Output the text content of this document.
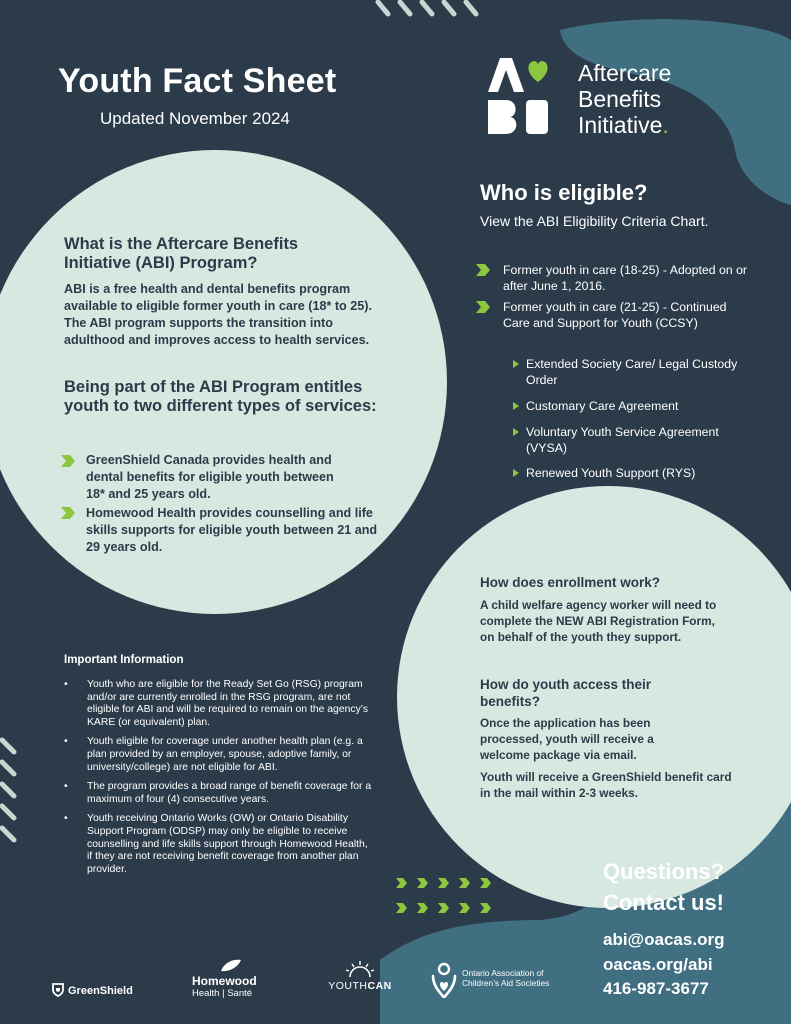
Youth Fact Sheet
Updated November 2024
Aftercare
Benefits
Initiative.
What is the Aftercare Benefits Initiative (ABI) Program?

ABI is a free health and dental benefits program available to eligible former youth in care (18* to 25). The ABI program supports the transition into adulthood and improves access to health services.

Being part of the ABI Program entitles youth to two different types of services:
GreenShield Canada provides health and dental benefits for eligible youth between 18* and 25 years old.
Homewood Health provides counselling and life skills supports for eligible youth between 21 and 29 years old.
Who is eligible?
View the ABI Eligibility Criteria Chart.
Former youth in care (18-25) - Adopted on or after June 1, 2016.
Former youth in care (21-25) - Continued Care and Support for Youth (CCSY)
Extended Society Care/ Legal Custody Order
Customary Care Agreement
Voluntary Youth Service Agreement (VYSA)
Renewed Youth Support (RYS)
How does enrollment work?

A child welfare agency worker will need to complete the NEW ABI Registration Form, on behalf of the youth they support.

How do youth access their benefits?

Once the application has been processed, youth will receive a welcome package via email.

Youth will receive a GreenShield benefit card in the mail within 2-3 weeks.

Important Information
• Youth who are eligible for the Ready Set Go (RSG) program and/or are currently enrolled in the RSG program, are not eligible for ABI and will be required to remain on the agency’s KARE (or equivalent) plan.
• Youth eligible for coverage under another health plan (e.g. a plan provided by an employer, spouse, adoptive family, or university/college) are not eligible for ABI.
• The program provides a broad range of benefit coverage for a maximum of four (4) consecutive years.
• Youth receiving Ontario Works (OW) or Ontario Disability Support Program (ODSP) may only be eligible to receive counselling and life skills support through Homewood Health, if they are not receiving benefit coverage from another plan provider.	Questions?
Contact us!
abi@oacas.org
oacas.org/abi
416-987-3677
GreenShield
Homewood
Health | Santé
YOUTHCAN
Ontario Association of
Children’s Aid Societies
